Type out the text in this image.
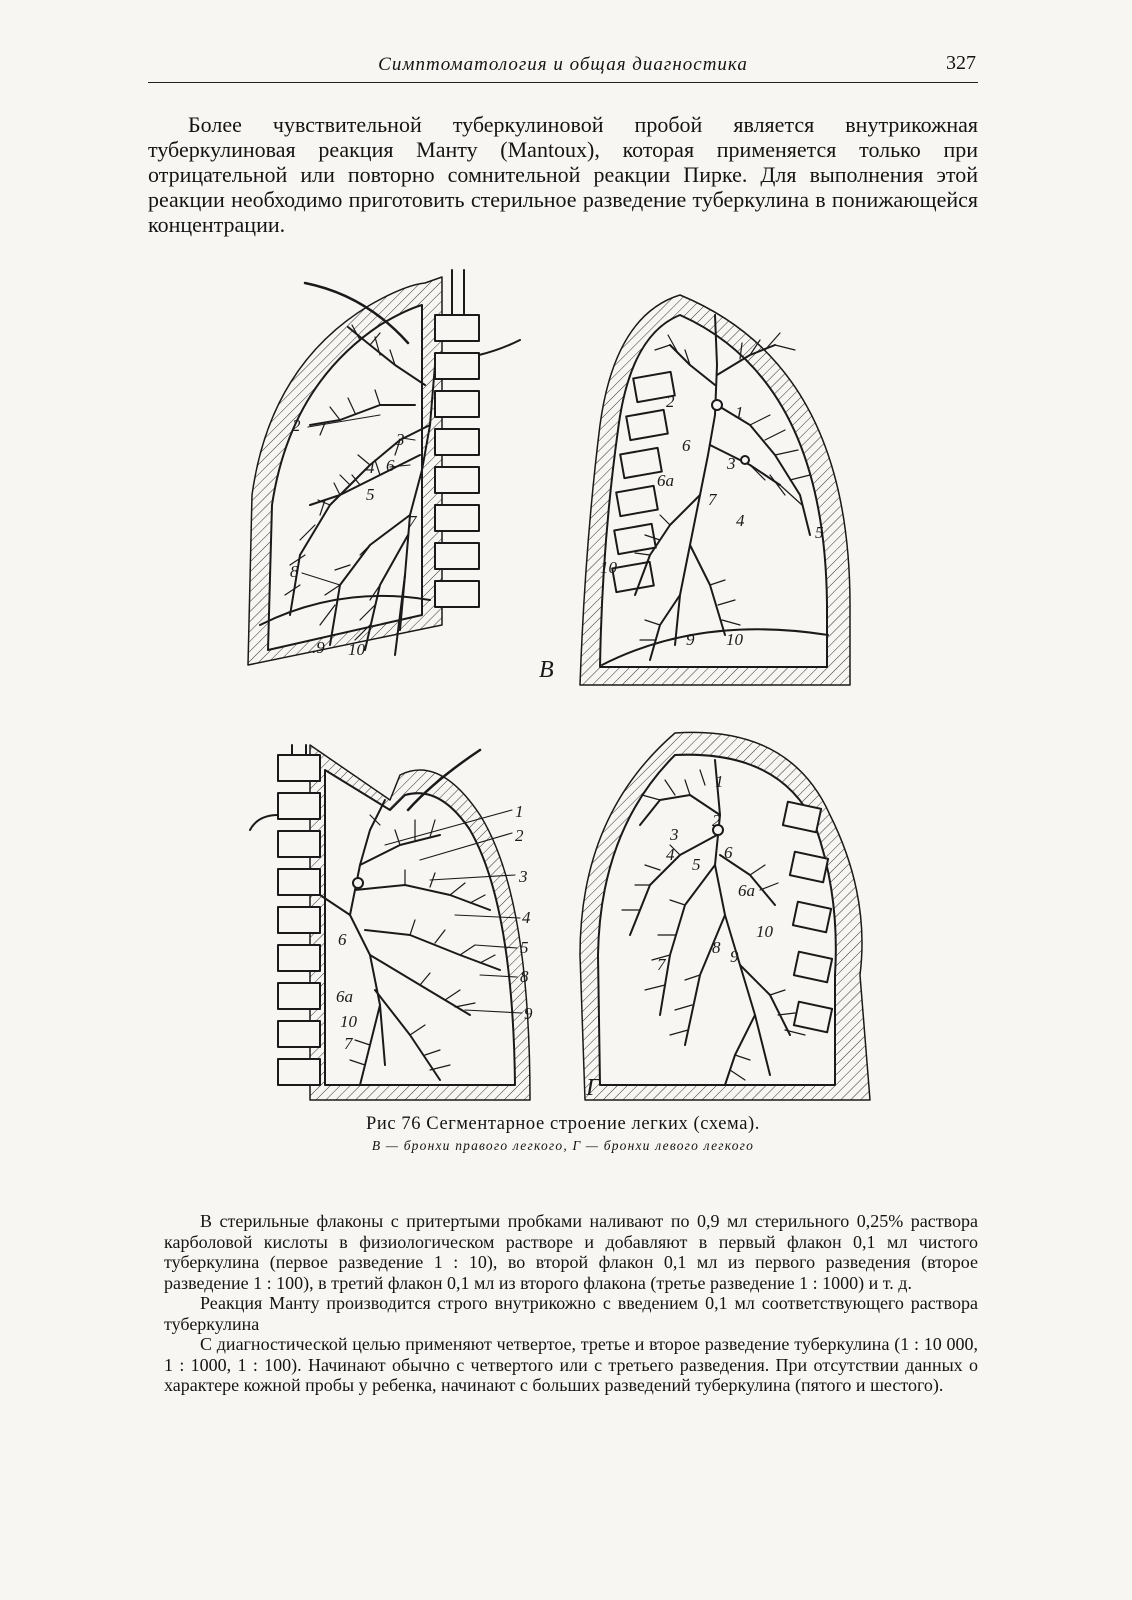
Симптоматология и общая диагностика	327

Более чувствительной туберкулиновой пробой является внутрикожная туберкулиновая реакция Манту (Mantoux), которая применяется только при отрицательной или повторно сомнительной реакции Пирке. Для выполнения этой реакции необходимо приготовить стерильное разведение туберкулина в понижающейся концентрации.

2
3
4 6
5
7
8
.9 10
2
1
6
3
6а
7
4
5
10
9 10
1
2
3
4
5
8
9
6
6а
10
7
1
2
3
4	6
5
6а
10
8 9
7
В
Г
Рис 76 Сегментарное строение легких (схема).
В — бронхи правого легкого, Г — бронхи левого легкого

В стерильные флаконы с притертыми пробками наливают по 0,9 мл стерильного 0,25% раствора карболовой кислоты в физиологическом растворе и добавляют в первый флакон 0,1 мл чистого туберкулина (первое разведение 1 : 10), во второй флакон 0,1 мл из первого разведения (второе разведение 1 : 100), в третий флакон 0,1 мл из второго флакона (третье разведение 1 : 1000) и т. д.

Реакция Манту производится строго внутрикожно с введением 0,1 мл соответствующего раствора туберкулина

С диагностической целью применяют четвертое, третье и второе разведение туберкулина (1 : 10 000, 1 : 1000, 1 : 100). Начинают обычно с четвертого или с третьего разведения. При отсутствии данных о характере кожной пробы у ребенка, начинают с больших разведений туберкулина (пятого и шестого).
